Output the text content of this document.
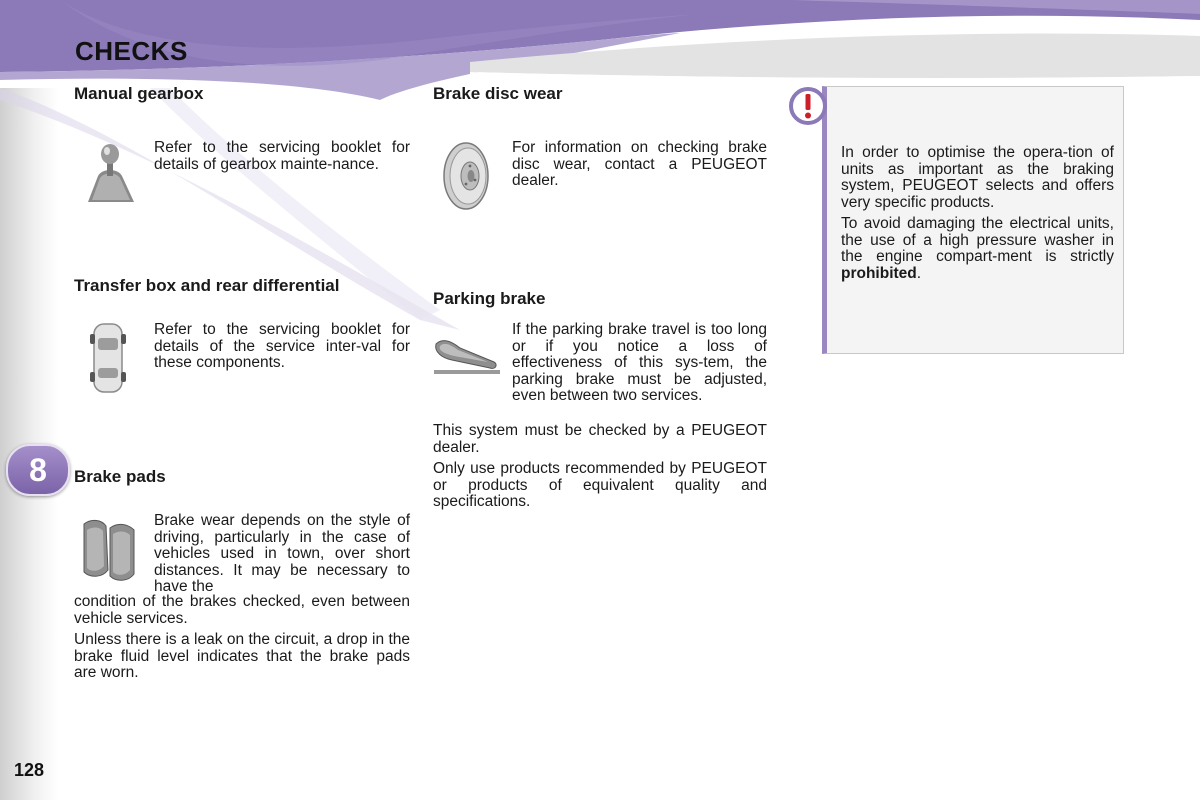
CHECKS
8
128
Manual gearbox
Refer to the servicing booklet for details of gearbox mainte-nance.
Transfer box and rear differential
Refer to the servicing booklet for details of the service inter-val for these components.
Brake pads
Brake wear depends on the style of driving, particularly in the case of vehicles used in town, over short distances. It may be necessary to have the

condition of the brakes checked, even between vehicle services.

Unless there is a leak on the circuit, a drop in the brake fluid level indicates that the brake pads are worn.

Brake disc wear
For information on checking brake disc wear, contact a PEUGEOT dealer.
Parking brake
If the parking brake travel is too long or if you notice a loss of effectiveness of this sys-tem, the parking brake must be adjusted, even between two services.

This system must be checked by a PEUGEOT dealer.

Only use products recommended by PEUGEOT or products of equivalent quality and specifications.

In order to optimise the opera-tion of units as important as the braking system, PEUGEOT selects and offers very specific products.

To avoid damaging the electrical units, the use of a high pressure washer in the engine compart-ment is strictly prohibited.
